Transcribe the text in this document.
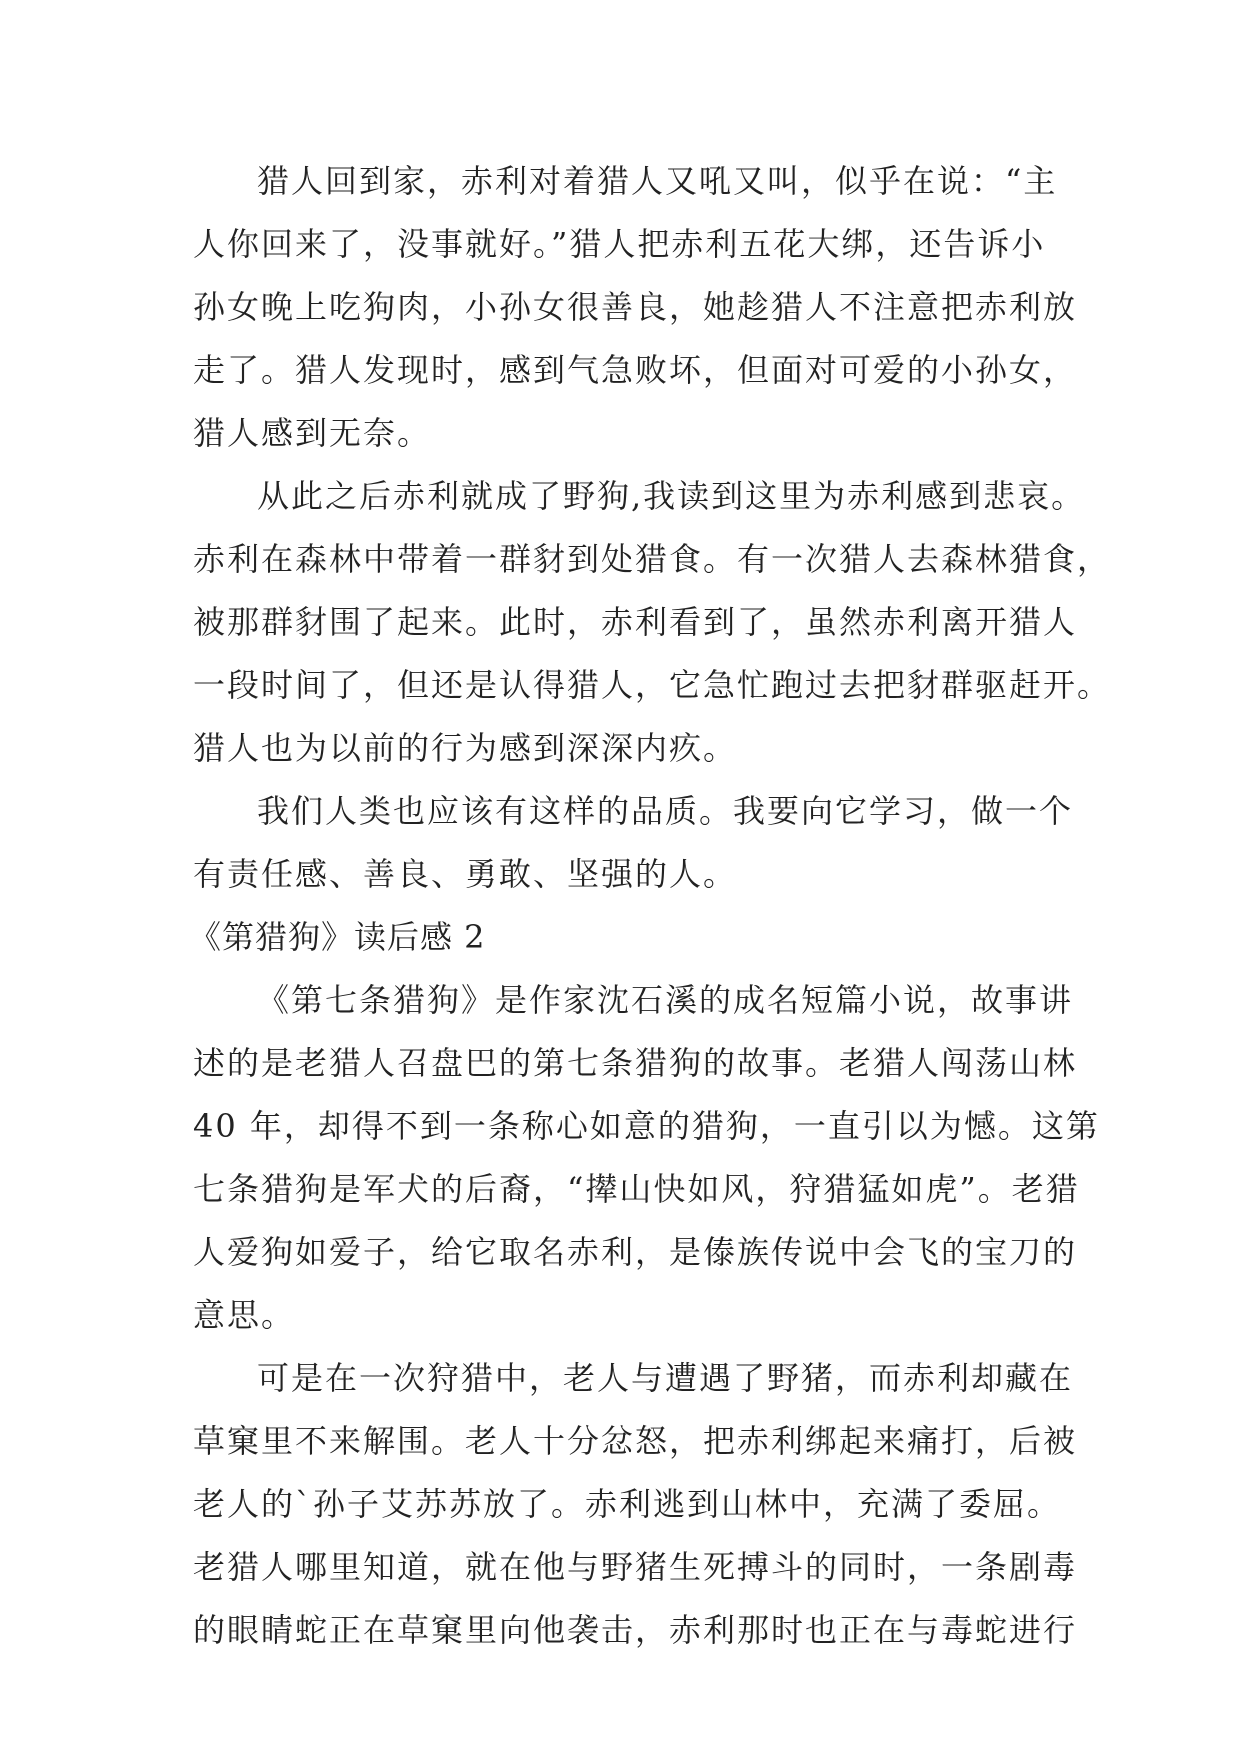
猎人回到家，赤利对着猎人又吼又叫，似乎在说：“主
人你回来了，没事就好。”猎人把赤利五花大绑，还告诉小
孙女晚上吃狗肉，小孙女很善良，她趁猎人不注意把赤利放
走了。猎人发现时，感到气急败坏，但面对可爱的小孙女，
猎人感到无奈。
从此之后赤利就成了野狗,我读到这里为赤利感到悲哀。
赤利在森林中带着一群豺到处猎食。有一次猎人去森林猎食，
被那群豺围了起来。此时，赤利看到了，虽然赤利离开猎人
一段时间了，但还是认得猎人，它急忙跑过去把豺群驱赶开。
猎人也为以前的行为感到深深内疚。
我们人类也应该有这样的品质。我要向它学习，做一个
有责任感、善良、勇敢、坚强的人。
《第猎狗》读后感 2
《第七条猎狗》是作家沈石溪的成名短篇小说，故事讲
述的是老猎人召盘巴的第七条猎狗的故事。老猎人闯荡山林
40 年，却得不到一条称心如意的猎狗，一直引以为憾。这第
七条猎狗是军犬的后裔，“撵山快如风，狩猎猛如虎”。老猎
人爱狗如爱子，给它取名赤利，是傣族传说中会飞的宝刀的
意思。
可是在一次狩猎中，老人与遭遇了野猪，而赤利却藏在
草窠里不来解围。老人十分忿怒，把赤利绑起来痛打，后被
老人的`孙子艾苏苏放了。赤利逃到山林中，充满了委屈。
老猎人哪里知道，就在他与野猪生死搏斗的同时，一条剧毒
的眼睛蛇正在草窠里向他袭击，赤利那时也正在与毒蛇进行
